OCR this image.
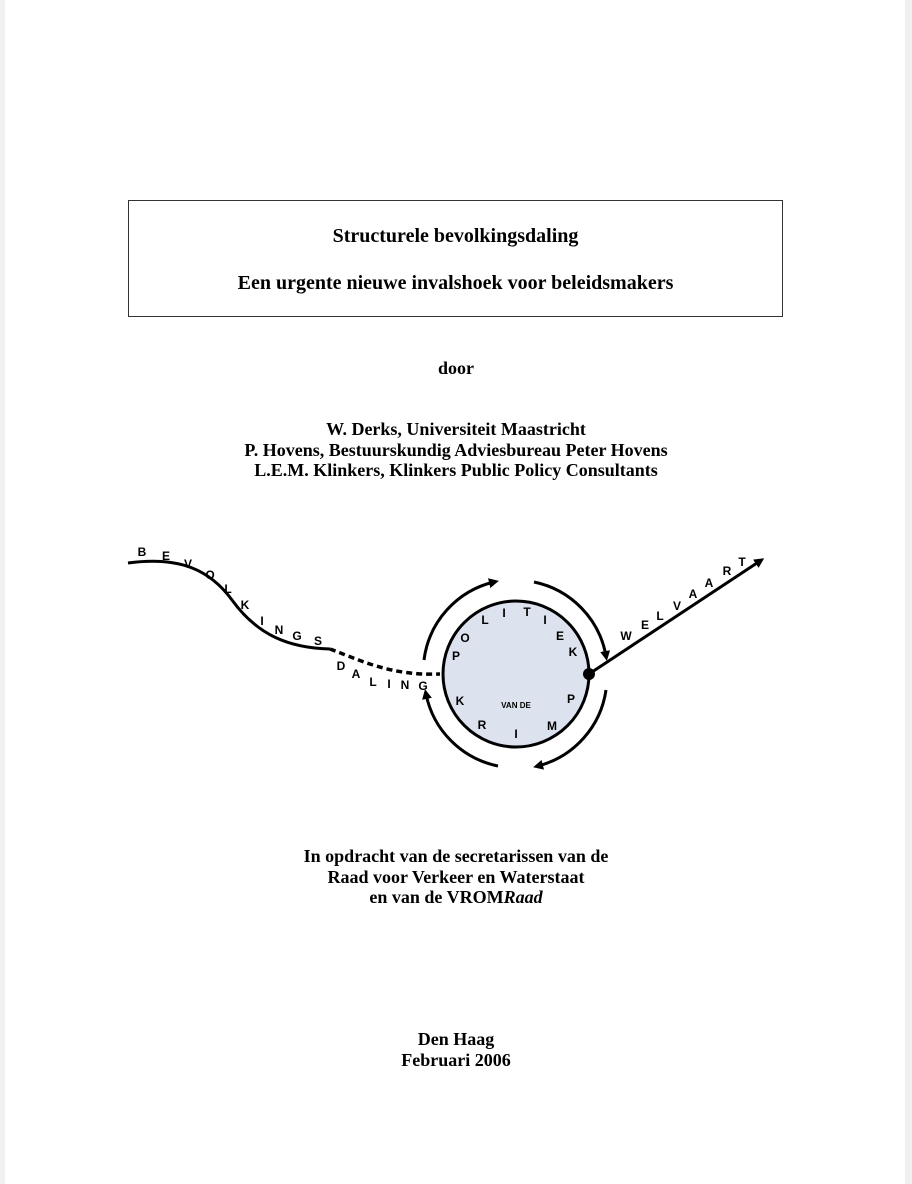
Structurele bevolkingsdaling
Een urgente nieuwe invalshoek voor beleidsmakers
door
W. Derks, Universiteit Maastricht
P. Hovens, Bestuurskundig Adviesbureau Peter Hovens
L.E.M. Klinkers, Klinkers Public Policy Consultants
B E
V
O
L
K
I
N G S
D
A
L I N G
W
E
L
V
A
A
R
T
P
O
L I T
I
E
K
P
M
I
R
K	VAN DE
In opdracht van de secretarissen van de
Raad voor Verkeer en Waterstaat
en van de VROMRaad
Den Haag
Februari 2006
